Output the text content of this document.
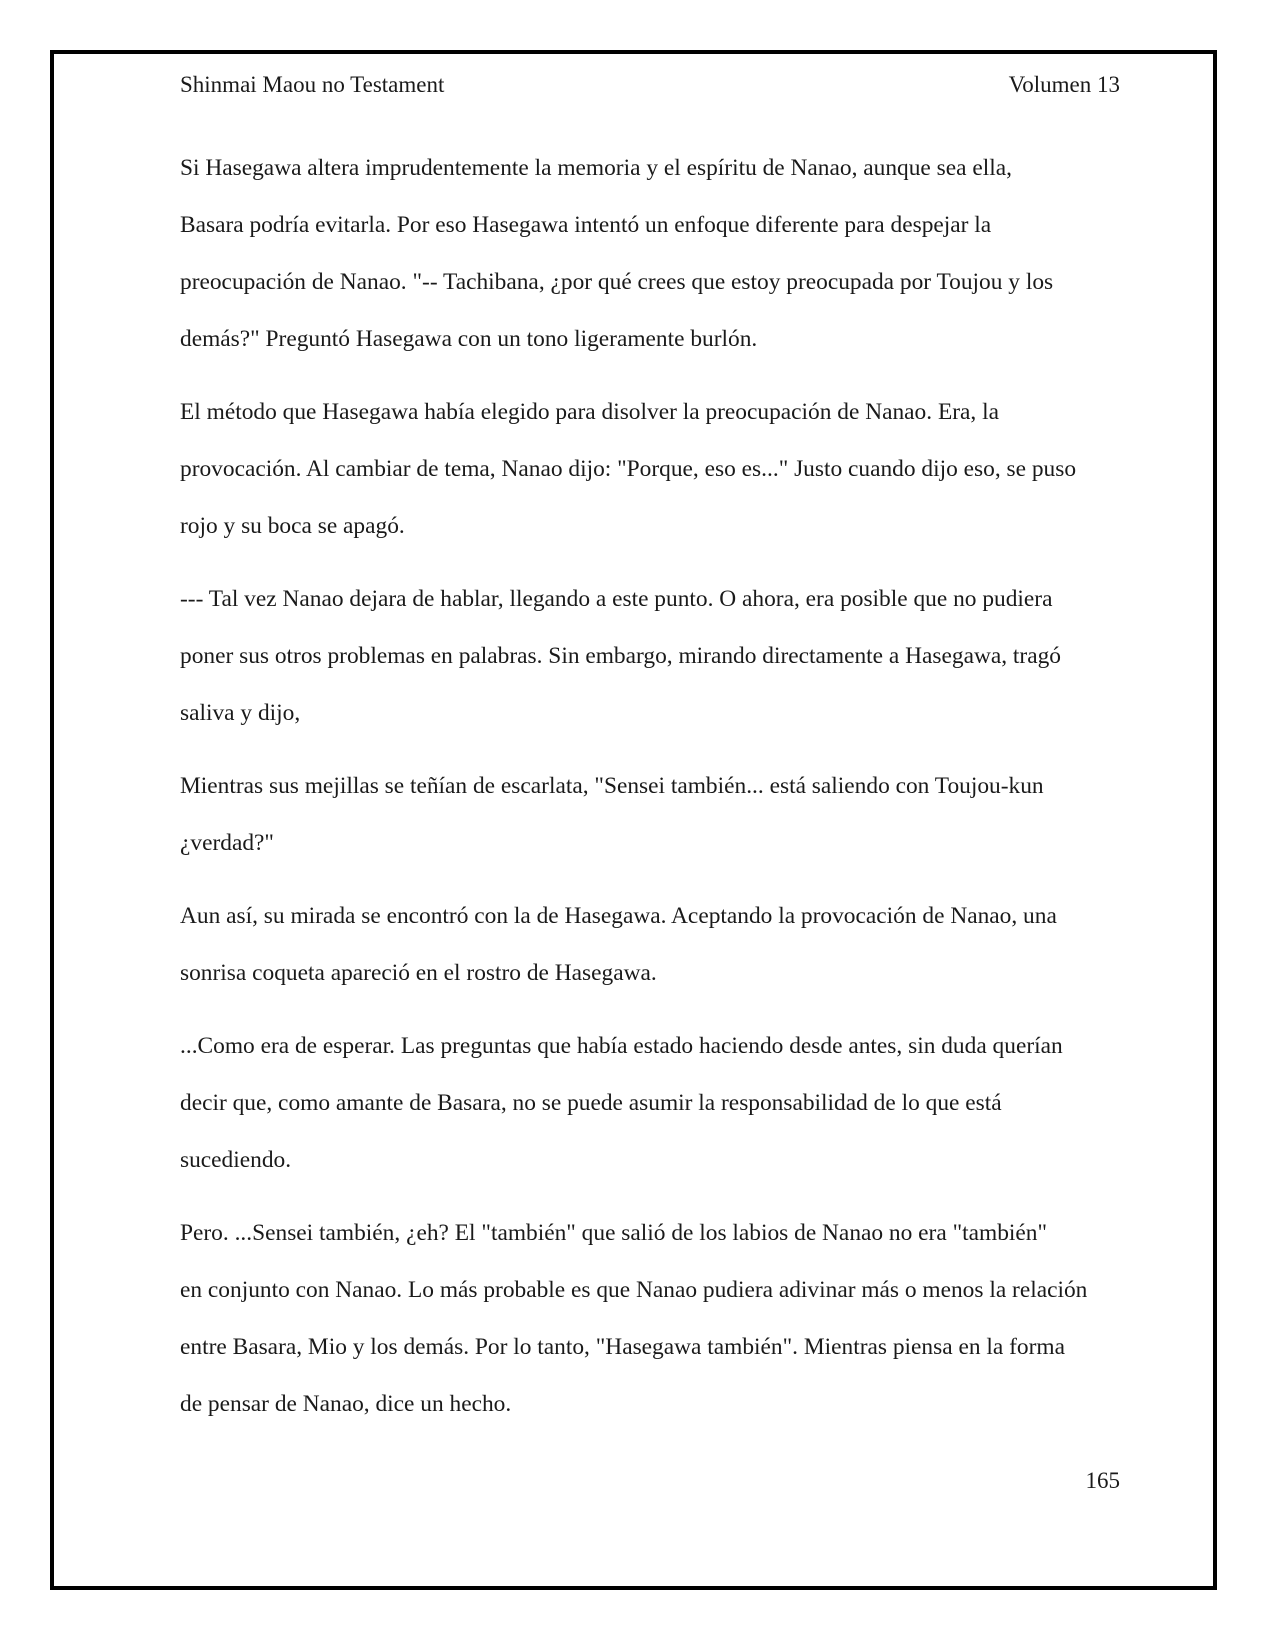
Shinmai Maou no Testament	Volumen 13

Si Hasegawa altera imprudentemente la memoria y el espíritu de Nanao, aunque sea ella,
Basara podría evitarla. Por eso Hasegawa intentó un enfoque diferente para despejar la
preocupación de Nanao. "-- Tachibana, ¿por qué crees que estoy preocupada por Toujou y los
demás?" Preguntó Hasegawa con un tono ligeramente burlón.

El método que Hasegawa había elegido para disolver la preocupación de Nanao. Era, la
provocación. Al cambiar de tema, Nanao dijo: "Porque, eso es..." Justo cuando dijo eso, se puso
rojo y su boca se apagó.

--- Tal vez Nanao dejara de hablar, llegando a este punto. O ahora, era posible que no pudiera
poner sus otros problemas en palabras. Sin embargo, mirando directamente a Hasegawa, tragó
saliva y dijo,

Mientras sus mejillas se teñían de escarlata, "Sensei también... está saliendo con Toujou-kun
¿verdad?"

Aun así, su mirada se encontró con la de Hasegawa. Aceptando la provocación de Nanao, una
sonrisa coqueta apareció en el rostro de Hasegawa.

...Como era de esperar. Las preguntas que había estado haciendo desde antes, sin duda querían
decir que, como amante de Basara, no se puede asumir la responsabilidad de lo que está
sucediendo.

Pero. ...Sensei también, ¿eh? El "también" que salió de los labios de Nanao no era "también"
en conjunto con Nanao. Lo más probable es que Nanao pudiera adivinar más o menos la relación
entre Basara, Mio y los demás. Por lo tanto, "Hasegawa también". Mientras piensa en la forma
de pensar de Nanao, dice un hecho.

165
